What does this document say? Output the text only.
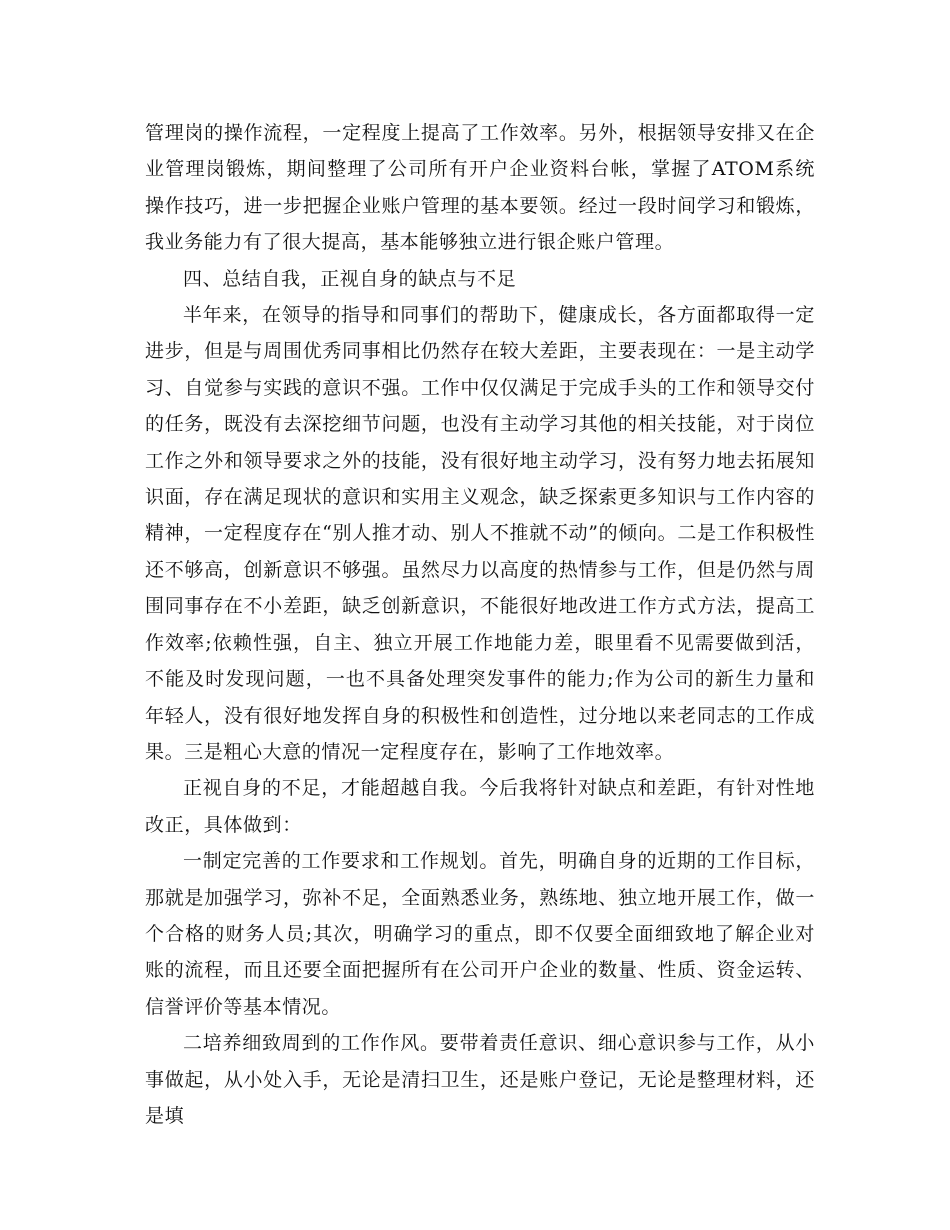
管理岗的操作流程，一定程度上提高了工作效率。另外，根据领导安排又在企业管理岗锻炼，期间整理了公司所有开户企业资料台帐，掌握了ATOM系统操作技巧，进一步把握企业账户管理的基本要领。经过一段时间学习和锻炼，我业务能力有了很大提高，基本能够独立进行银企账户管理。

四、总结自我，正视自身的缺点与不足

半年来，在领导的指导和同事们的帮助下，健康成长，各方面都取得一定进步，但是与周围优秀同事相比仍然存在较大差距，主要表现在：一是主动学习、自觉参与实践的意识不强。工作中仅仅满足于完成手头的工作和领导交付的任务，既没有去深挖细节问题，也没有主动学习其他的相关技能，对于岗位工作之外和领导要求之外的技能，没有很好地主动学习，没有努力地去拓展知识面，存在满足现状的意识和实用主义观念，缺乏探索更多知识与工作内容的精神，一定程度存在“别人推才动、别人不推就不动”的倾向。二是工作积极性还不够高，创新意识不够强。虽然尽力以高度的热情参与工作，但是仍然与周围同事存在不小差距，缺乏创新意识，不能很好地改进工作方式方法，提高工作效率;依赖性强，自主、独立开展工作地能力差，眼里看不见需要做到活，不能及时发现问题，一也不具备处理突发事件的能力;作为公司的新生力量和年轻人，没有很好地发挥自身的积极性和创造性，过分地以来老同志的工作成果。三是粗心大意的情况一定程度存在，影响了工作地效率。

正视自身的不足，才能超越自我。今后我将针对缺点和差距，有针对性地改正，具体做到：

一制定完善的工作要求和工作规划。首先，明确自身的近期的工作目标，那就是加强学习，弥补不足，全面熟悉业务，熟练地、独立地开展工作，做一个合格的财务人员;其次，明确学习的重点，即不仅要全面细致地了解企业对账的流程，而且还要全面把握所有在公司开户企业的数量、性质、资金运转、信誉评价等基本情况。

二培养细致周到的工作作风。要带着责任意识、细心意识参与工作，从小事做起，从小处入手，无论是清扫卫生，还是账户登记，无论是整理材料，还是填
